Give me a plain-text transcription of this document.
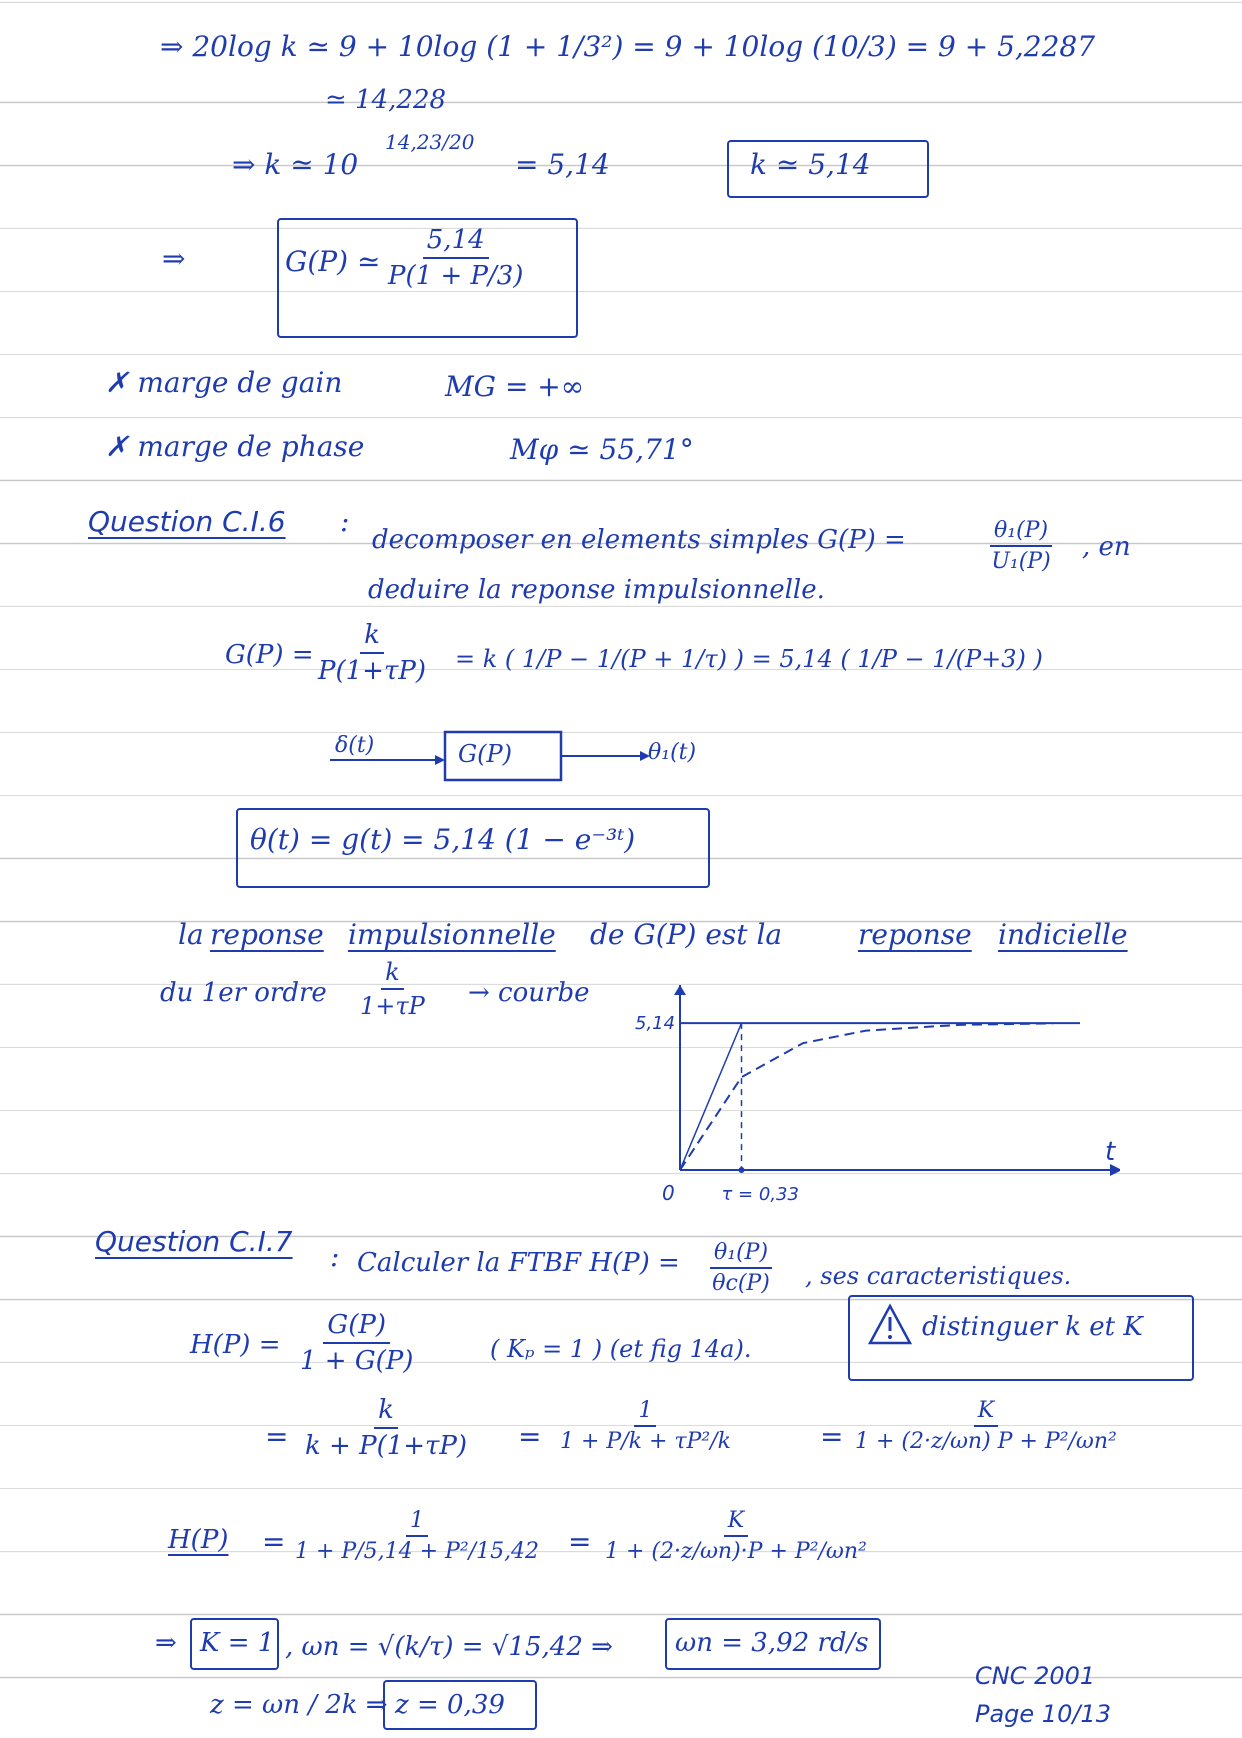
⇒ 20log k ≃ 9 + 10log (1 + 1/3²) = 9 + 10log (10/3) = 9 + 5,2287
≃ 14,228
⇒ k ≃ 10
14,23/20
= 5,14	k ≃ 5,14
⇒	G(P) ≃ $\frac{5,14}{P(1 + P/3)}$
✗ marge de gain	MG = +∞
✗ marge de phase	Mφ ≃ 55,71°
Question C.I.6 :
decomposer en elements simples G(P) =	$\frac{\text{θ₁(P)}}{\text{U₁(P)}}$ , en
deduire la reponse impulsionnelle.
$G(P) = \frac{k}{P(1+\tau P)} = k$ ( 1/P − 1/(P + 1/τ) ) = 5,14 ( 1/P − 1/(P+3) )
δ(t)	G(P)	θ₁(t)
θ(t) = g(t) = 5,14 (1 − e⁻³ᵗ)
la reponse impulsionnelle de G(P) est la	reponse indicielle
du 1er ordre $\frac{k}{1+\tau P}$ → courbe
5,14
0	τ = 0,33
t
Question C.I.7 : Calculer la FTBF $H(P) = \frac{\text{θ₁(P)}}{\theta c(P)}$ , ses caracteristiques.
$H(P) = \frac{G(P)}{1 + G(P)}$	( Kₚ = 1 ) (et fig 14a).
distinguer k et K
= $\frac{k}{k + P(1+\tau P)} = \frac{1}{\text{1 + P/k + τP²/k}}$	= $\frac{K}{\text{1 + (2·z/ωn) P + P²/ωn²}}$
$H(P) = \frac{1}{\text{1 + P/5,14 + P²/15,42}} = \frac{K}{\text{1 + (2·z/ωn)·P + P²/ωn²}}$
⇒ K = 1 , ωn = √(k/τ) = √15,42 ⇒ ωn = 3,92 rd/s
z = ωn / 2k ⇒ z = 0,39
CNC 2001
Page 10/13
